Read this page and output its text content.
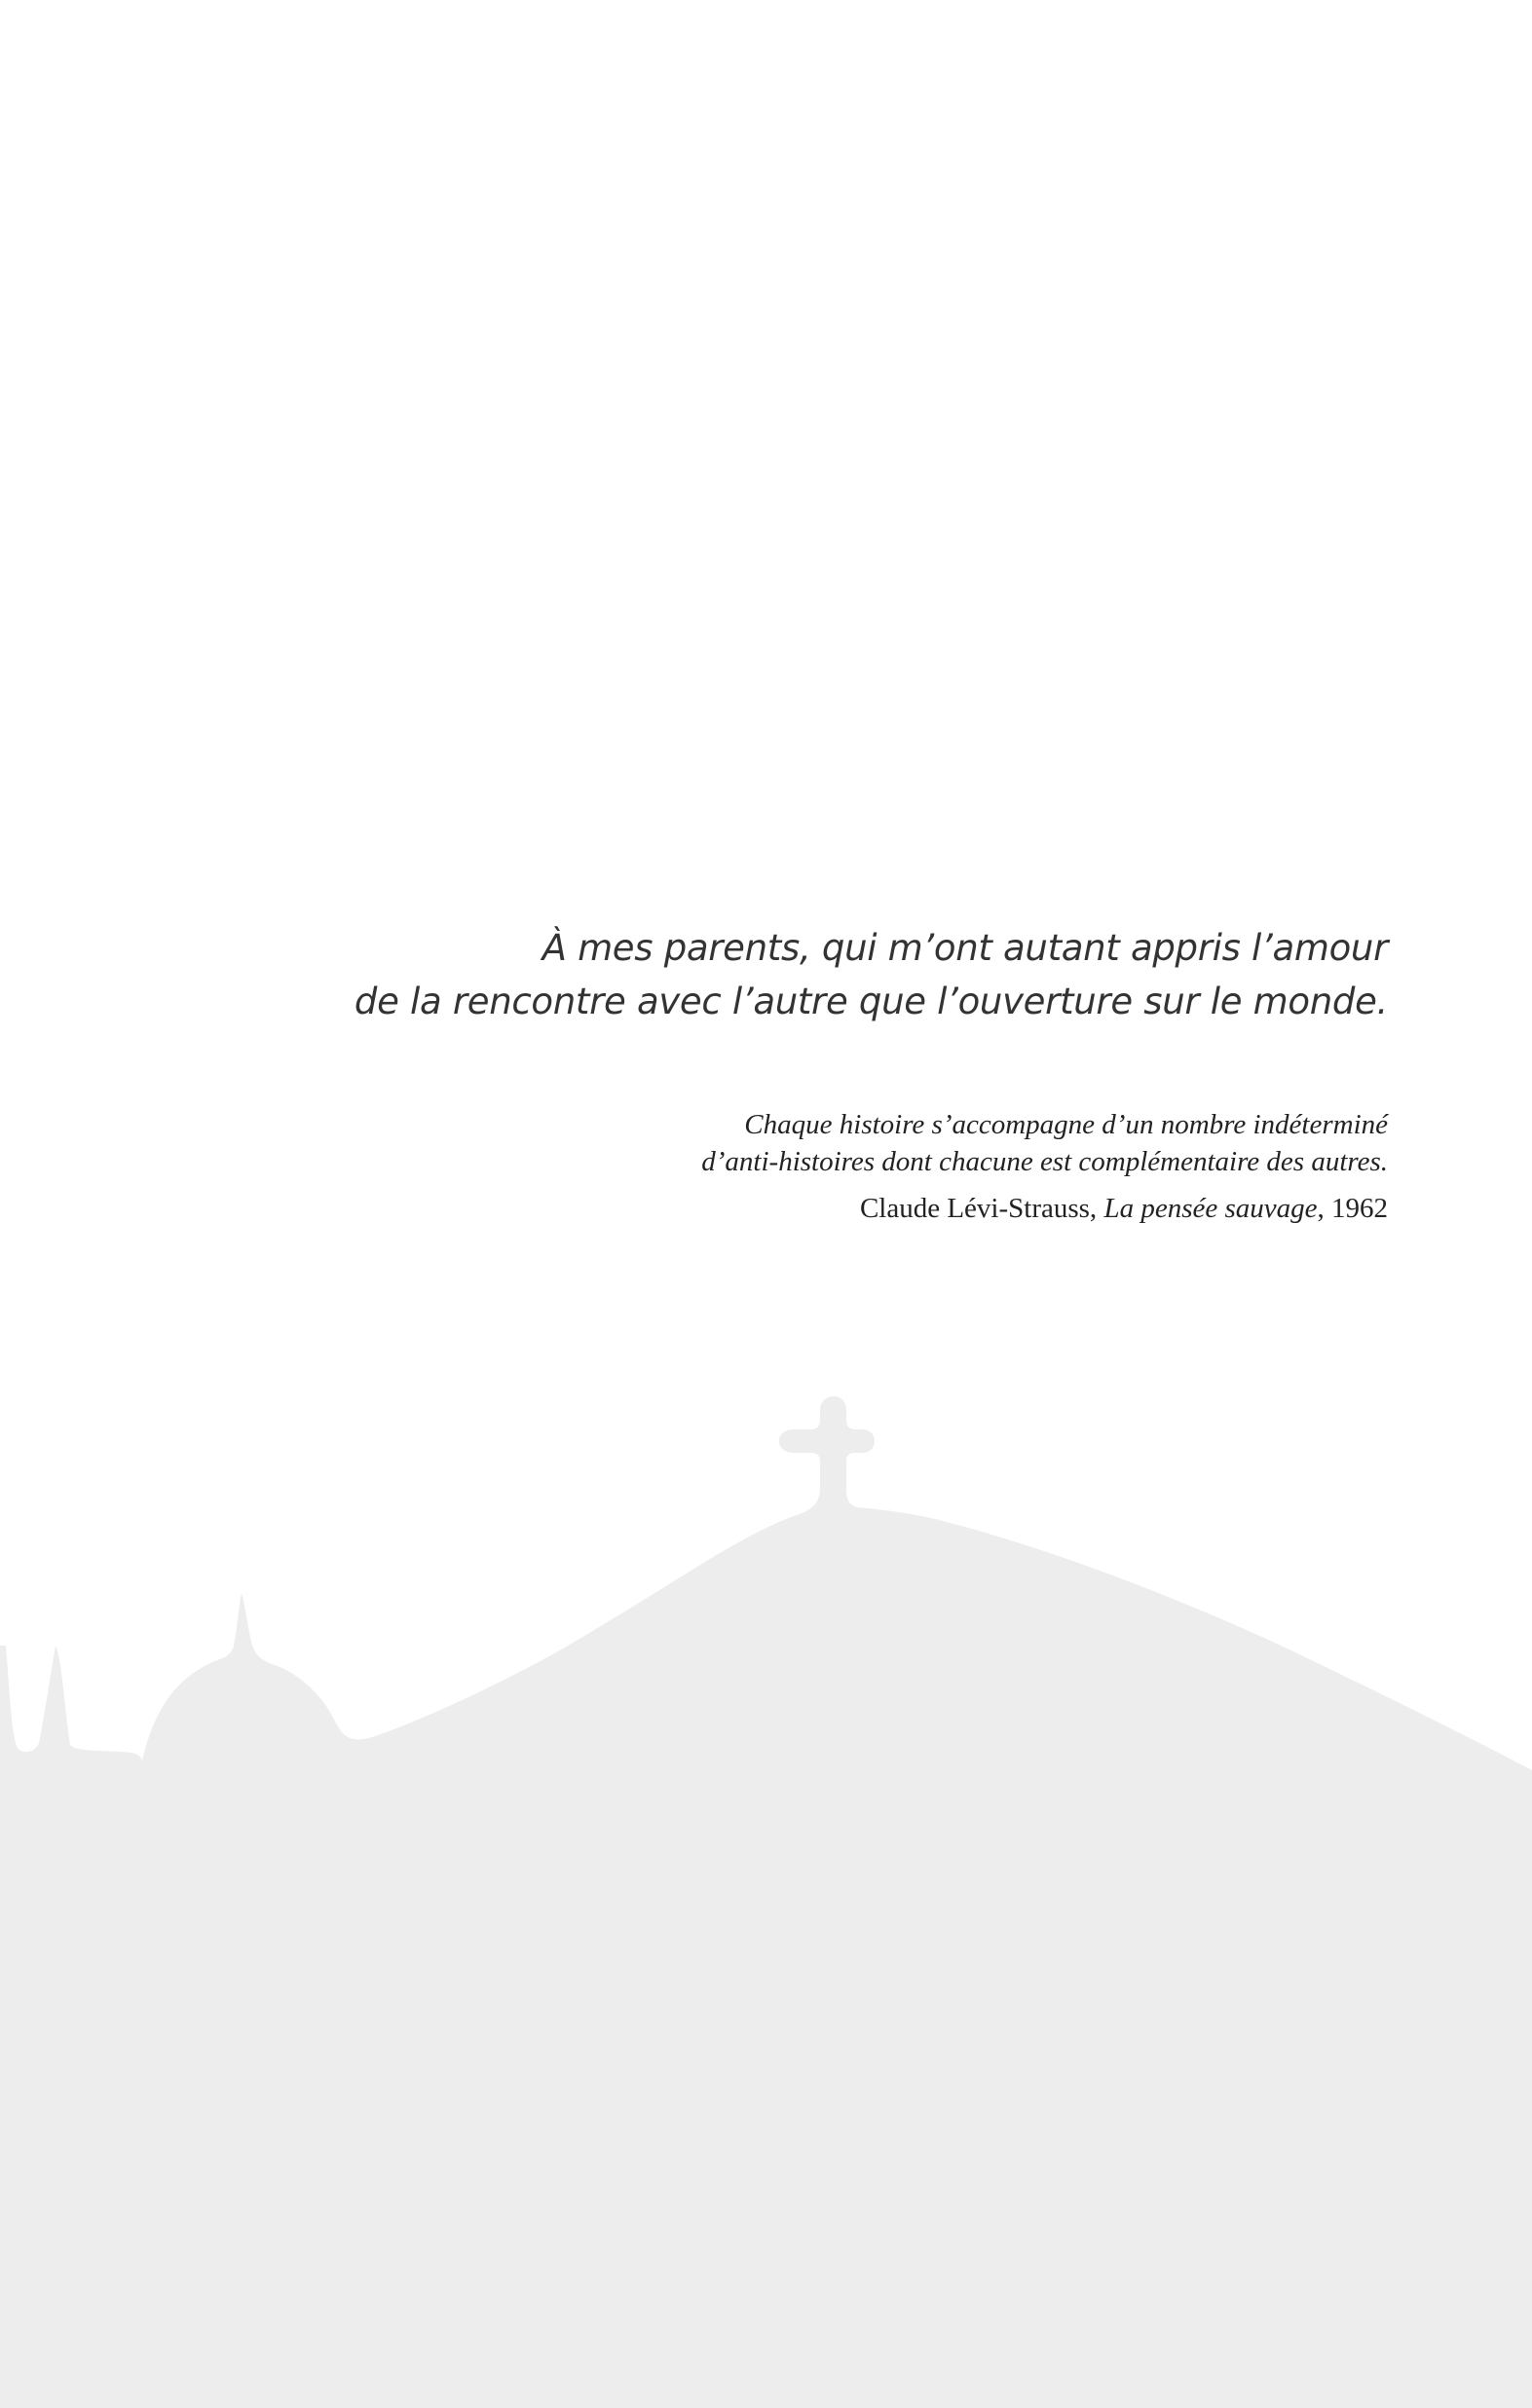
À mes parents, qui m’ont autant appris l’amour
de la rencontre avec l’autre que l’ouverture sur le monde.
Chaque histoire s’accompagne d’un nombre indéterminé
d’anti-histoires dont chacune est complémentaire des autres.
Claude Lévi-Strauss, La pensée sauvage, 1962
